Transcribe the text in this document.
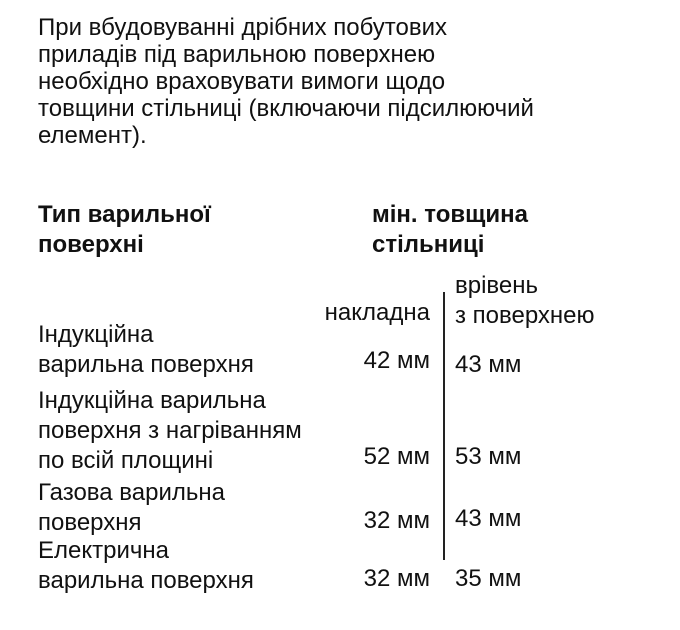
При вбудовуванні дрібних побутових
приладів під варильною поверхнею
необхідно враховувати вимоги щодо
товщини стільниці (включаючи підсилюючий
елемент).

Тип варильної
поверхні
мін. товщина
стільниці
накладна
врівень
з поверхнею
Індукційна
варильна поверхня	42 мм 43 мм
Індукційна варильна
поверхня з нагріванням
по всій площині	52 мм 53 мм
Газова варильна
поверхня	32 мм 43 мм
Електрична
варильна поверхня	32 мм 35 мм
